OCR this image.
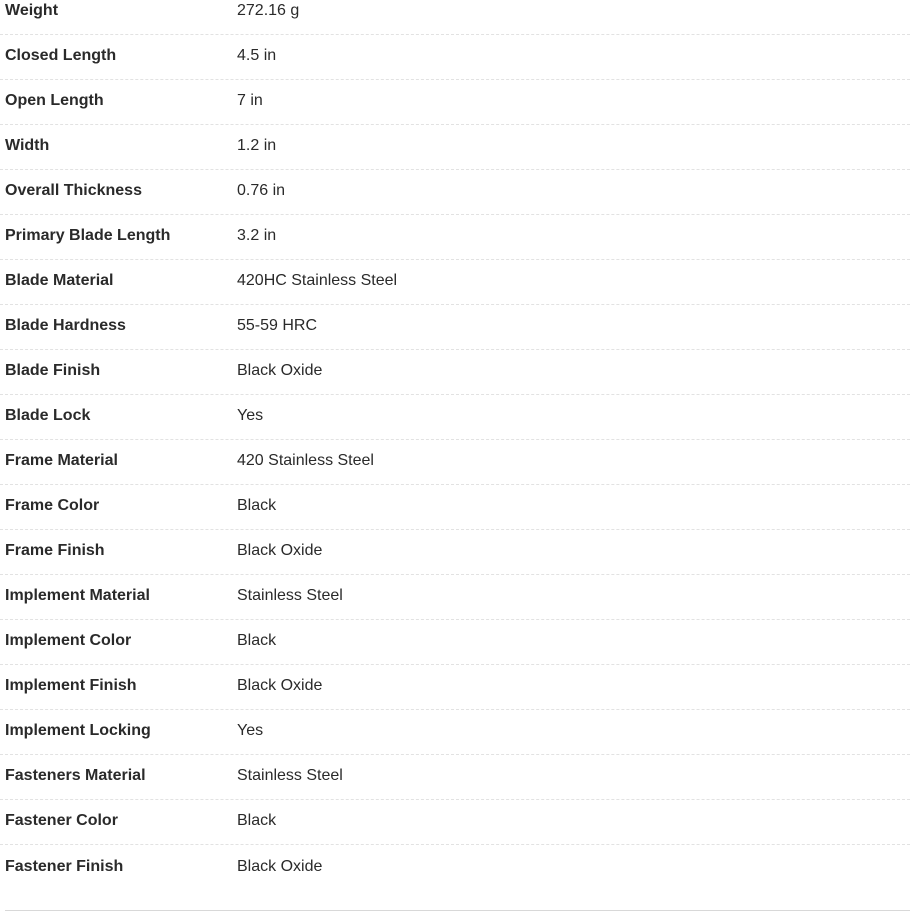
Weight	272.16 g
Closed Length	4.5 in
Open Length	7 in
Width	1.2 in
Overall Thickness	0.76 in
Primary Blade Length	3.2 in
Blade Material	420HC Stainless Steel
Blade Hardness	55-59 HRC
Blade Finish	Black Oxide
Blade Lock	Yes
Frame Material	420 Stainless Steel
Frame Color	Black
Frame Finish	Black Oxide
Implement Material	Stainless Steel
Implement Color	Black
Implement Finish	Black Oxide
Implement Locking	Yes
Fasteners Material	Stainless Steel
Fastener Color	Black
Fastener Finish	Black Oxide
